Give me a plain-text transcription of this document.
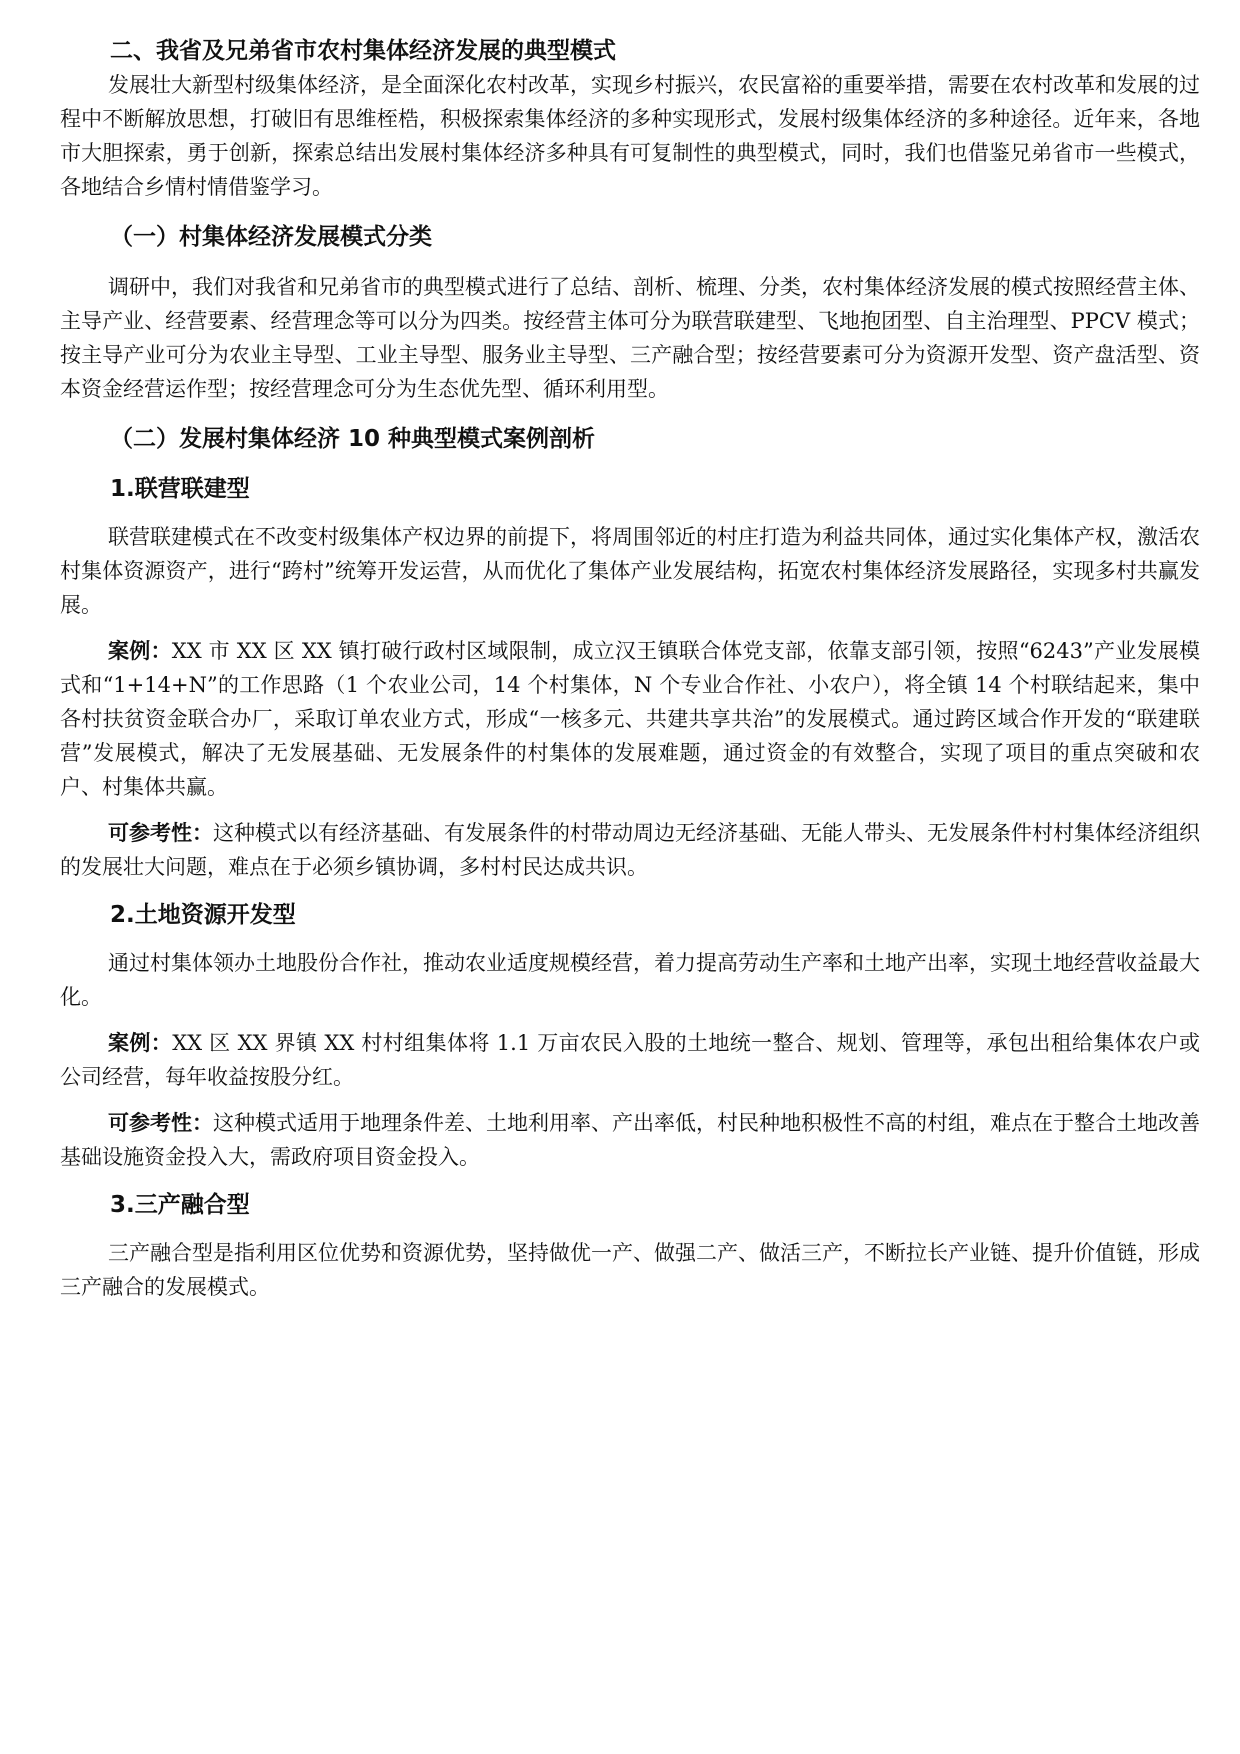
二、我省及兄弟省市农村集体经济发展的典型模式

发展壮大新型村级集体经济，是全面深化农村改革，实现乡村振兴，农民富裕的重要举措，需要在农村改革和发展的过程中不断解放思想，打破旧有思维桎梏，积极探索集体经济的多种实现形式，发展村级集体经济的多种途径。近年来，各地市大胆探索，勇于创新，探索总结出发展村集体经济多种具有可复制性的典型模式，同时，我们也借鉴兄弟省市一些模式，各地结合乡情村情借鉴学习。

（一）村集体经济发展模式分类

调研中，我们对我省和兄弟省市的典型模式进行了总结、剖析、梳理、分类，农村集体经济发展的模式按照经营主体、主导产业、经营要素、经营理念等可以分为四类。按经营主体可分为联营联建型、飞地抱团型、自主治理型、PPCV 模式；按主导产业可分为农业主导型、工业主导型、服务业主导型、三产融合型；按经营要素可分为资源开发型、资产盘活型、资本资金经营运作型；按经营理念可分为生态优先型、循环利用型。

（二）发展村集体经济 10 种典型模式案例剖析

1.联营联建型

联营联建模式在不改变村级集体产权边界的前提下，将周围邻近的村庄打造为利益共同体，通过实化集体产权，激活农村集体资源资产，进行“跨村”统筹开发运营，从而优化了集体产业发展结构，拓宽农村集体经济发展路径，实现多村共赢发展。

案例：XX 市 XX 区 XX 镇打破行政村区域限制，成立汉王镇联合体党支部，依靠支部引领，按照“6243”产业发展模式和“1+14+N”的工作思路（1 个农业公司，14 个村集体，N 个专业合作社、小农户），将全镇 14 个村联结起来，集中各村扶贫资金联合办厂，采取订单农业方式，形成“一核多元、共建共享共治”的发展模式。通过跨区域合作开发的“联建联营”发展模式，解决了无发展基础、无发展条件的村集体的发展难题，通过资金的有效整合，实现了项目的重点突破和农户、村集体共赢。

可参考性：这种模式以有经济基础、有发展条件的村带动周边无经济基础、无能人带头、无发展条件村村集体经济组织的发展壮大问题，难点在于必须乡镇协调，多村村民达成共识。

2.土地资源开发型

通过村集体领办土地股份合作社，推动农业适度规模经营，着力提高劳动生产率和土地产出率，实现土地经营收益最大化。

案例：XX 区 XX 界镇 XX 村村组集体将 1.1 万亩农民入股的土地统一整合、规划、管理等，承包出租给集体农户或公司经营，每年收益按股分红。

可参考性：这种模式适用于地理条件差、土地利用率、产出率低，村民种地积极性不高的村组，难点在于整合土地改善基础设施资金投入大，需政府项目资金投入。

3.三产融合型

三产融合型是指利用区位优势和资源优势，坚持做优一产、做强二产、做活三产，不断拉长产业链、提升价值链，形成三产融合的发展模式。
